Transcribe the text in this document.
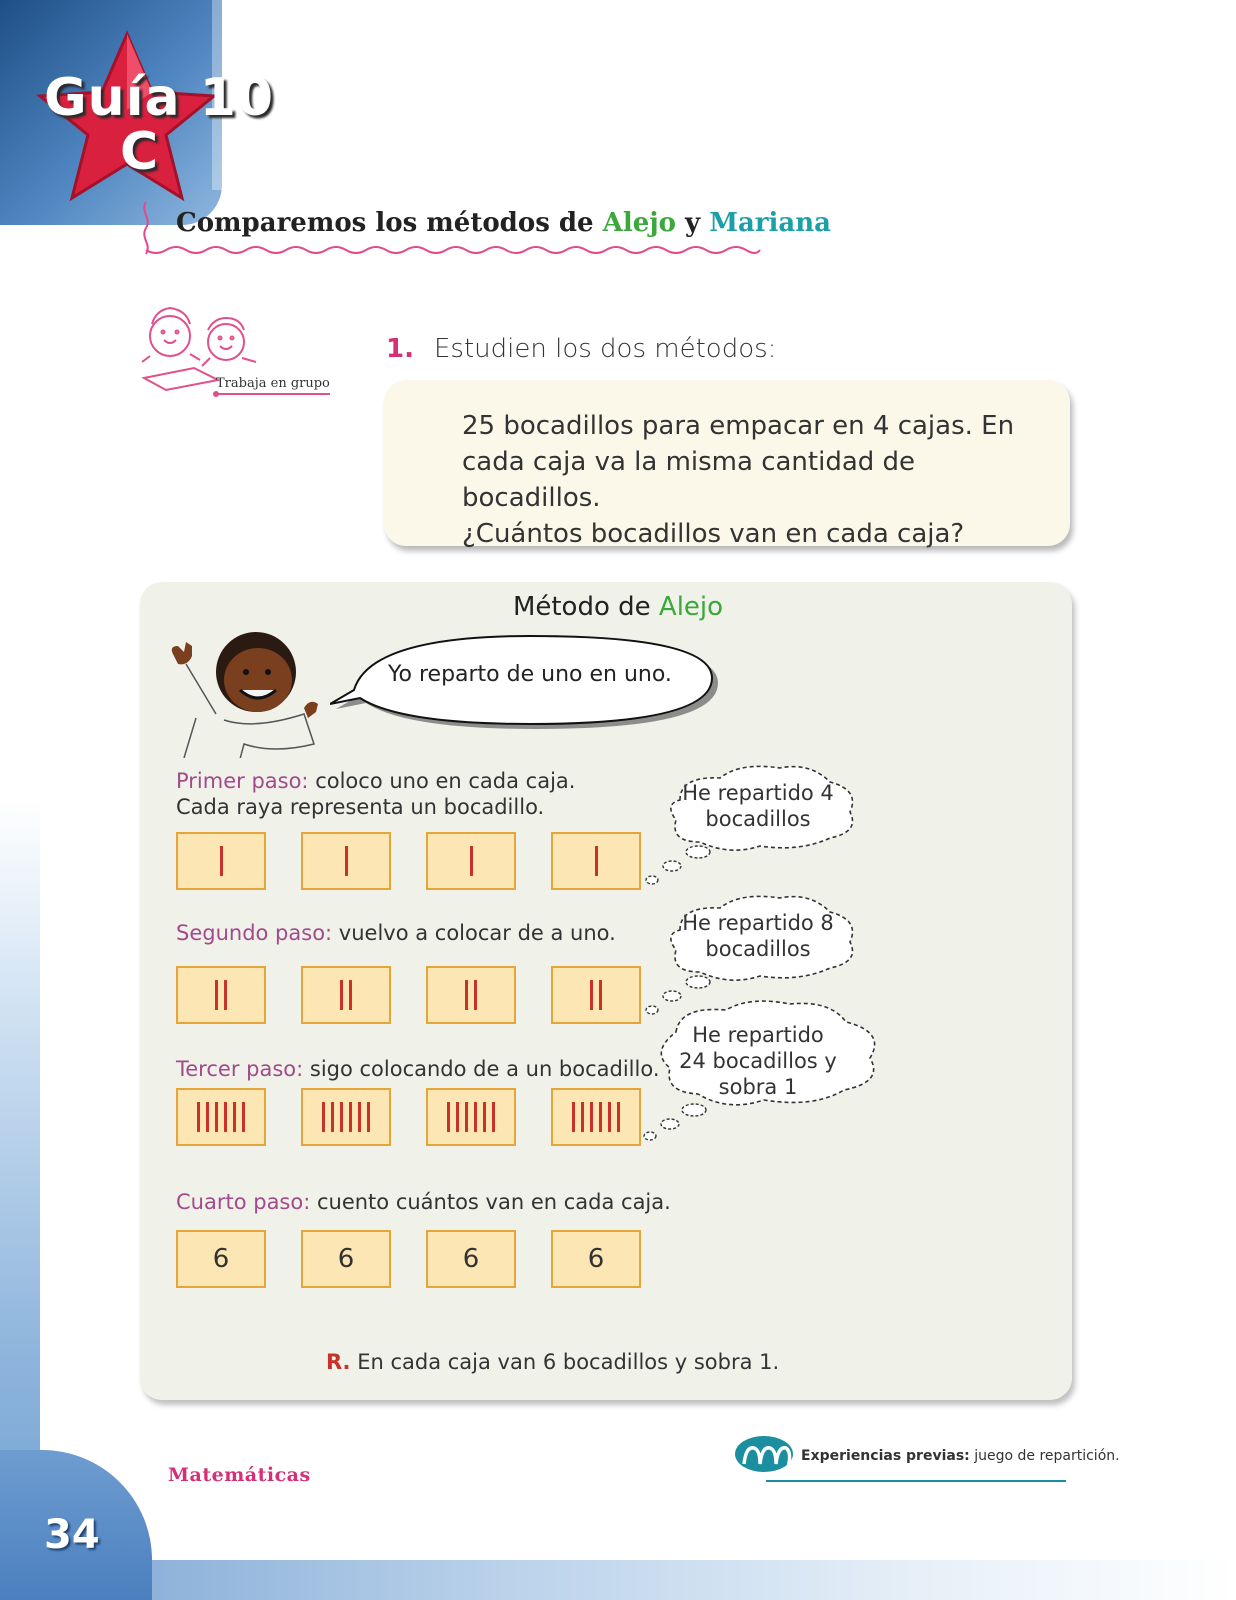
34
Guía 10
C
Comparemos los métodos de Alejo y Mariana
Trabaja en grupo
1. Estudien los dos métodos:

25 bocadillos para empacar en 4 cajas. En
cada caja va la misma cantidad de bocadillos.
¿Cuántos bocadillos van en cada caja?

Método de Alejo
Yo reparto de uno en uno.
Primer paso: coloco uno en cada caja.
Cada raya representa un bocadillo.
He repartido 4
bocadillos
Segundo paso: vuelvo a colocar de a uno.	He repartido 8
bocadillos
Tercer paso: sigo colocando de a un bocadillo.
He repartido
24 bocadillos y
sobra 1
Cuarto paso: cuento cuántos van en cada caja.
6	6	6	6
R. En cada caja van 6 bocadillos y sobra 1.
Matemáticas
Experiencias previas: juego de repartición.
